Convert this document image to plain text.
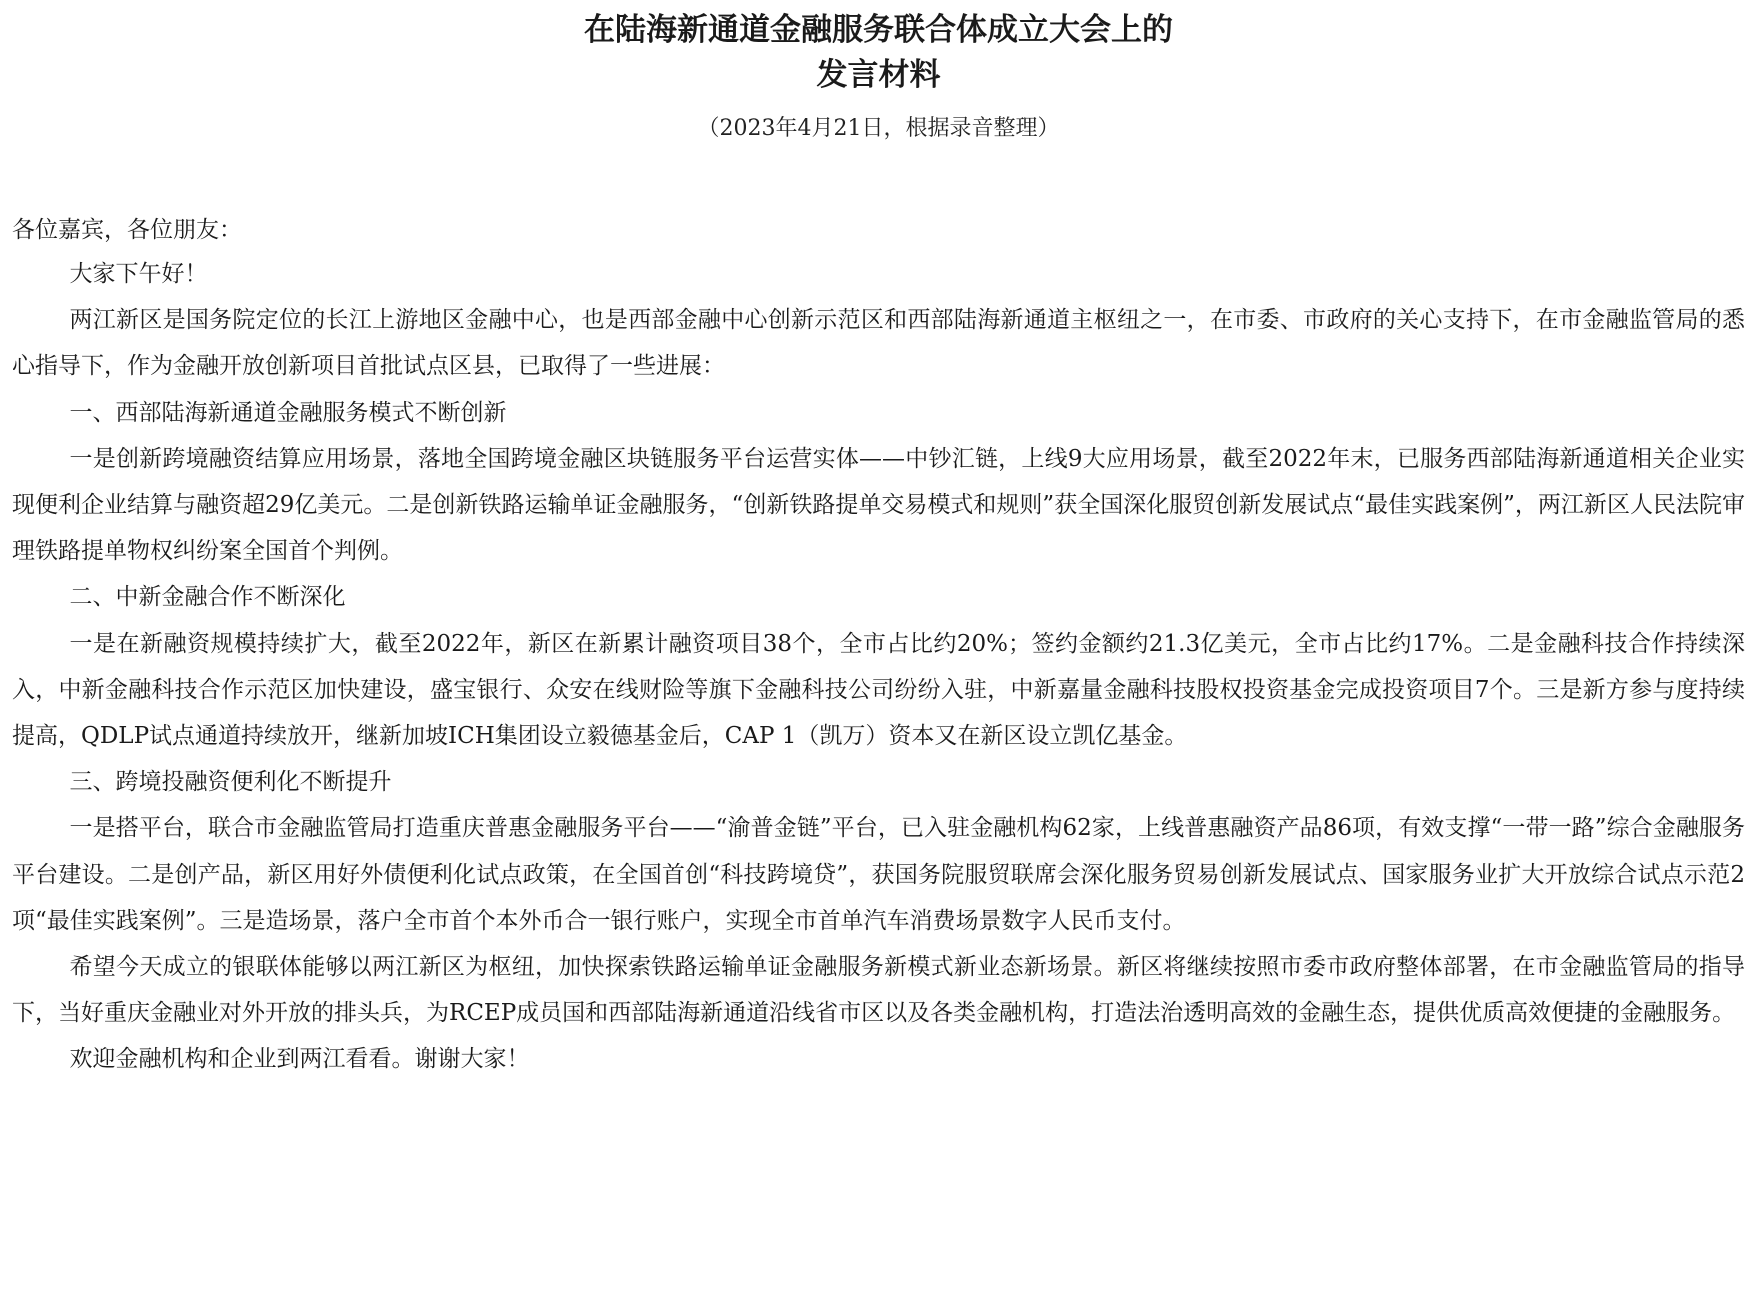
在陆海新通道金融服务联合体成立大会上的
发言材料
（2023年4月21日，根据录音整理）
各位嘉宾，各位朋友：

大家下午好！

两江新区是国务院定位的长江上游地区金融中心，也是西部金融中心创新示范区和西部陆海新通道主枢纽之一，在市委、市政府的关心支持下，在市金融监管局的悉心指导下，作为金融开放创新项目首批试点区县，已取得了一些进展：

一、西部陆海新通道金融服务模式不断创新

一是创新跨境融资结算应用场景，落地全国跨境金融区块链服务平台运营实体——中钞汇链，上线9大应用场景，截至2022年末，已服务西部陆海新通道相关企业实现便利企业结算与融资超29亿美元。二是创新铁路运输单证金融服务，“创新铁路提单交易模式和规则”获全国深化服贸创新发展试点“最佳实践案例”，两江新区人民法院审理铁路提单物权纠纷案全国首个判例。

二、中新金融合作不断深化

一是在新融资规模持续扩大，截至2022年，新区在新累计融资项目38个，全市占比约20%；签约金额约21.3亿美元，全市占比约17%。二是金融科技合作持续深入，中新金融科技合作示范区加快建设，盛宝银行、众安在线财险等旗下金融科技公司纷纷入驻，中新嘉量金融科技股权投资基金完成投资项目7个。三是新方参与度持续提高，QDLP试点通道持续放开，继新加坡ICH集团设立毅德基金后，CAP 1（凯万）资本又在新区设立凯亿基金。

三、跨境投融资便利化不断提升

一是搭平台，联合市金融监管局打造重庆普惠金融服务平台——“渝普金链”平台，已入驻金融机构62家，上线普惠融资产品86项，有效支撑“一带一路”综合金融服务平台建设。二是创产品，新区用好外债便利化试点政策，在全国首创“科技跨境贷”，获国务院服贸联席会深化服务贸易创新发展试点、国家服务业扩大开放综合试点示范2项“最佳实践案例”。三是造场景，落户全市首个本外币合一银行账户，实现全市首单汽车消费场景数字人民币支付。

希望今天成立的银联体能够以两江新区为枢纽，加快探索铁路运输单证金融服务新模式新业态新场景。新区将继续按照市委市政府整体部署，在市金融监管局的指导下，当好重庆金融业对外开放的排头兵，为RCEP成员国和西部陆海新通道沿线省市区以及各类金融机构，打造法治透明高效的金融生态，提供优质高效便捷的金融服务。

欢迎金融机构和企业到两江看看。谢谢大家！
